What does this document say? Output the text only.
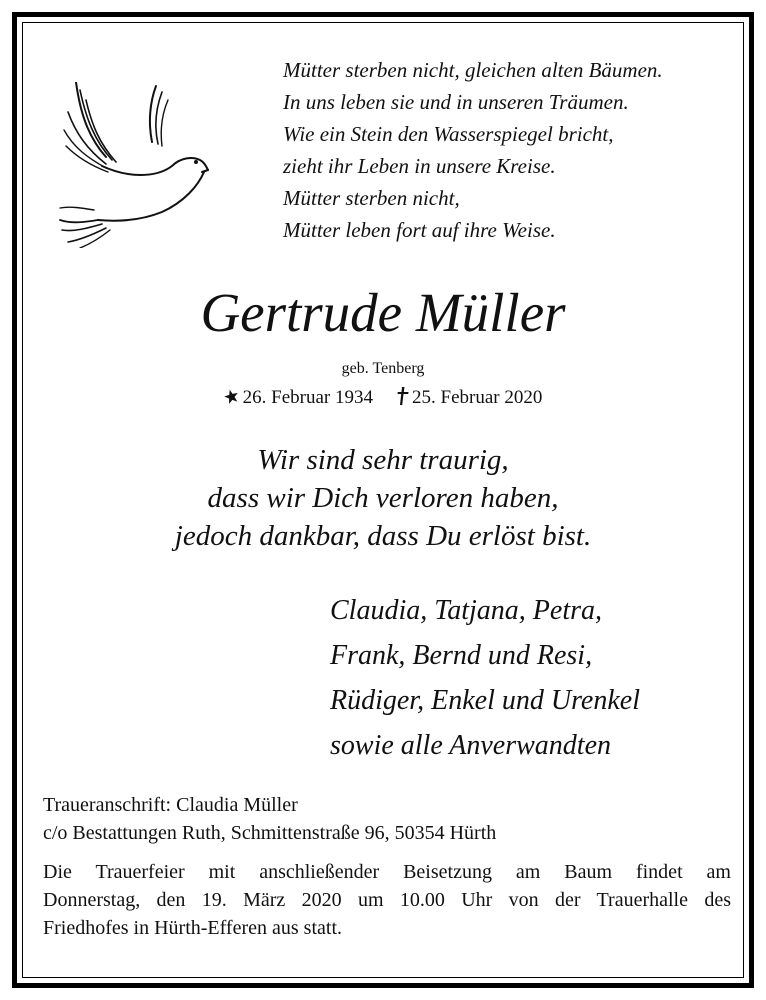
Mütter sterben nicht, gleichen alten Bäumen.
In uns leben sie und in unseren Träumen.
Wie ein Stein den Wasserspiegel bricht,
zieht ihr Leben in unsere Kreise.
Mütter sterben nicht,
Mütter leben fort auf ihre Weise.
Gertrude Müller
geb. Tenberg
26. Februar 1934 25. Februar 2020
Wir sind sehr traurig,
dass wir Dich verloren haben,
jedoch dankbar, dass Du erlöst bist.
Claudia, Tatjana, Petra,
Frank, Bernd und Resi,
Rüdiger, Enkel und Urenkel
sowie alle Anverwandten
Traueranschrift: Claudia Müller
c/o Bestattungen Ruth, Schmittenstraße 96, 50354 Hürth
Die Trauerfeier mit anschließender Beisetzung am Baum findet am
Donnerstag, den 19. März 2020 um 10.00 Uhr von der Trauerhalle des
Friedhofes in Hürth-Efferen aus statt.
